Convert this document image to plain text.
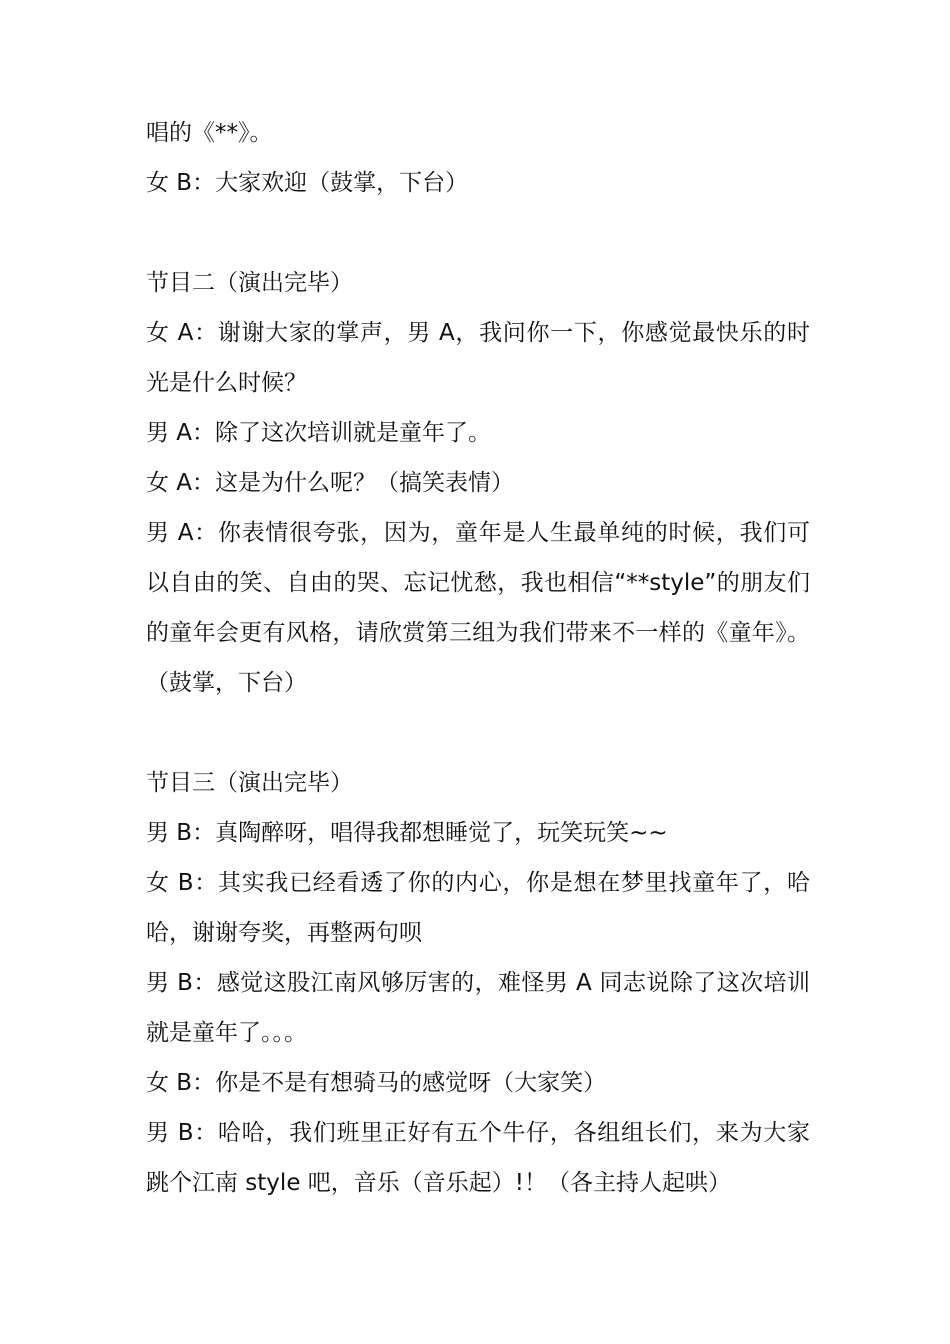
唱的《**》。

女 B：大家欢迎（鼓掌，下台）

节目二（演出完毕）

女 A：谢谢大家的掌声，男 A，我问你一下，你感觉最快乐的时光是什么时候？

男 A：除了这次培训就是童年了。

女 A：这是为什么呢？（搞笑表情）

男 A：你表情很夸张，因为，童年是人生最单纯的时候，我们可以自由的笑、自由的哭、忘记忧愁，我也相信“**style”的朋友们的童年会更有风格，请欣赏第三组为我们带来不一样的《童年》。（鼓掌，下台）

节目三（演出完毕）

男 B：真陶醉呀，唱得我都想睡觉了，玩笑玩笑~~

女 B：其实我已经看透了你的内心，你是想在梦里找童年了，哈哈，谢谢夸奖，再整两句呗

男 B：感觉这股江南风够厉害的，难怪男 A 同志说除了这次培训就是童年了。。。

女 B：你是不是有想骑马的感觉呀（大家笑）

男 B：哈哈，我们班里正好有五个牛仔，各组组长们，来为大家跳个江南 style 吧，音乐（音乐起）!！（各主持人起哄）
